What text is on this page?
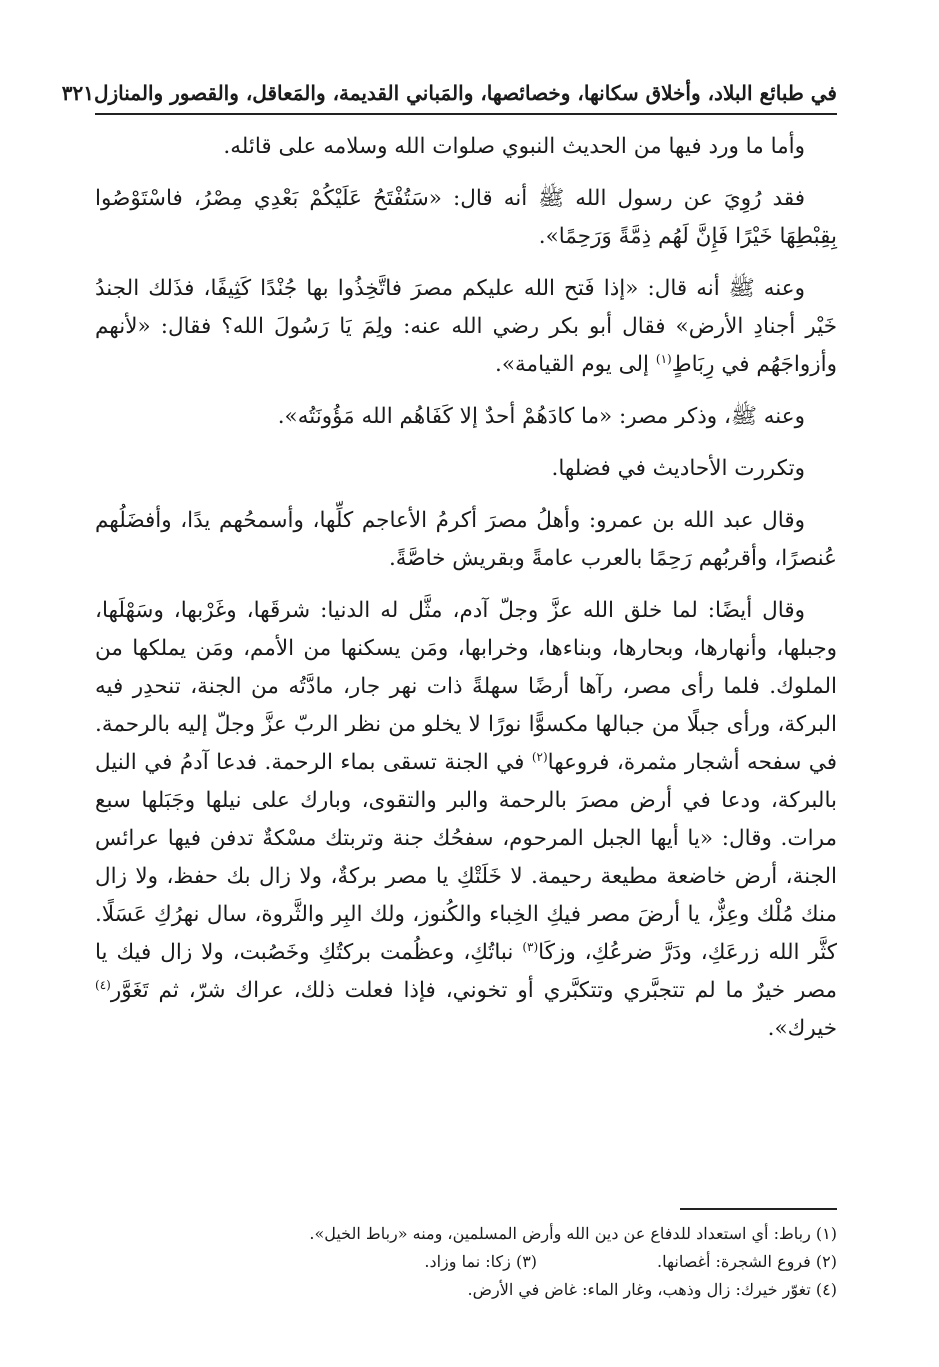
في طبائع البلاد، وأخلاق سكانها، وخصائصها، والمَباني القديمة، والمَعاقل، والقصور والمنازل
٣٢١

وأما ما ورد فيها من الحديث النبوي صلوات الله وسلامه على قائله.

فقد رُوِيَ عن رسول الله ﷺ أنه قال: «سَتُفْتَحُ عَلَيْكُمْ بَعْدِي مِصْرُ، فاسْتَوْصُوا بِقِبْطِهَا خَيْرًا فَإِنَّ لَهُم ذِمَّةً وَرَحِمًا».

وعنه ﷺ أنه قال: «إذا فَتح الله عليكم مصرَ فاتَّخِذُوا بها جُنْدًا كَثِيفًا، فذَلك الجندُ خَيْر أجنادِ الأرض» فقال أبو بكر رضي الله عنه: ولِمَ يَا رَسُولَ الله؟ فقال: «لأنهم وأزواجَهُم في رِبَاطٍ$^{(١)}$ إلى يوم القيامة».

وعنه ﷺ، وذكر مصر: «ما كادَهُمْ أحدٌ إلا كَفَاهُم الله مَؤُونَتُه».

وتكررت الأحاديث في فضلها.

وقال عبد الله بن عمرو: وأهلُ مصرَ أكرمُ الأعاجم كلِّها، وأسمحُهم يدًا، وأفضَلُهم عُنصرًا، وأقربُهم رَحِمًا بالعرب عامةً وبقريش خاصَّةً.

وقال أيضًا: لما خلق الله عزَّ وجلّ آدم، مثَّل له الدنيا: شرقَها، وغَرْبها، وسَهْلَها، وجبلها، وأنهارها، وبحارها، وبناءها، وخرابها، ومَن يسكنها من الأمم، ومَن يملكها من الملوك. فلما رأى مصر، رآها أرضًا سهلةً ذات نهر جار، مادَّتُه من الجنة، تنحدِر فيه البركة، ورأى جبلًا من جبالها مكسوًّا نورًا لا يخلو من نظر الربّ عزَّ وجلّ إليه بالرحمة. في سفحه أشجار مثمرة، فروعها$^{(٢)}$ في الجنة تسقى بماء الرحمة. فدعا آدمُ في النيل بالبركة، ودعا في أرض مصرَ بالرحمة والبر والتقوى، وبارك على نيلها وجَبَلها سبع مرات. وقال: «يا أيها الجبل المرحوم، سفحُك جنة وتربتك مسْكةٌ تدفن فيها عرائس الجنة، أرض خاضعة مطيعة رحيمة. لا خَلَتْكِ يا مصر بركةٌ، ولا زال بك حفظ، ولا زال منك مُلْك وعِزٌّ، يا أرضَ مصر فيكِ الخِباء والكُنوز، ولك البِر والثَّروة، سال نهرُكِ عَسَلًا. كثَّر الله زرعَكِ، ودَرَّ ضرعُكِ، وزكَا$^{(٣)}$ نباتُكِ، وعظُمت بركتُكِ وخَصُبت، ولا زال فيك يا مصر خيرٌ ما لم تتجبَّري وتتكبَّري أو تخوني، فإذا فعلت ذلك، عراك شرّ، ثم تَغَوَّر$^{(٤)}$ خيرك».

(١) رباط: أي استعداد للدفاع عن دين الله وأرض المسلمين، ومنه «رباط الخيل».

(٢) فروع الشجرة: أغصانها.
(٣) زكا: نما وزاد.

(٤) تغوّر خيرك: زال وذهب، وغار الماء: غاض في الأرض.
